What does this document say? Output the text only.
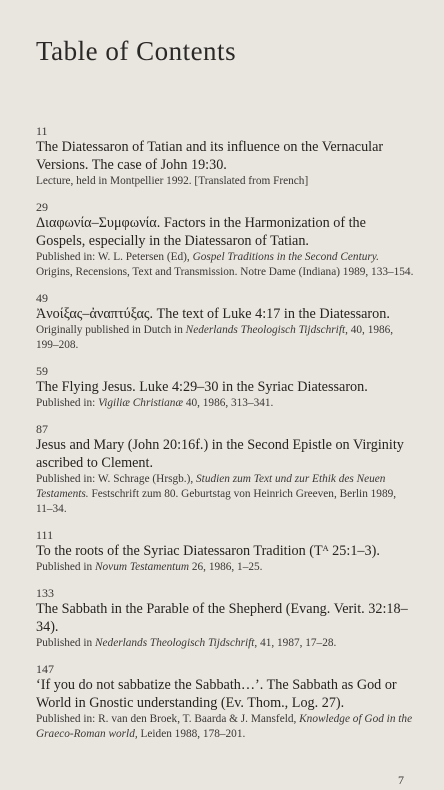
Table of Contents
11
The Diatessaron of Tatian and its influence on the Vernacular Versions. The case of John 19:30.
Lecture, held in Montpellier 1992. [Translated from French]
29
Διαφωνία–Συμφωνία. Factors in the Harmonization of the Gospels, especially in the Diatessaron of Tatian.
Published in: W. L. Petersen (Ed), Gospel Traditions in the Second Century. Origins, Recensions, Text and Transmission. Notre Dame (Indiana) 1989, 133–154.
49
Ἀνοίξας–ἀναπτύξας. The text of Luke 4:17 in the Diatessaron.
Originally published in Dutch in Nederlands Theologisch Tijdschrift, 40, 1986, 199–208.
59
The Flying Jesus. Luke 4:29–30 in the Syriac Diatessaron.
Published in: Vigiliæ Christianæ 40, 1986, 313–341.
87
Jesus and Mary (John 20:16f.) in the Second Epistle on Virginity ascribed to Clement.
Published in: W. Schrage (Hrsgb.), Studien zum Text und zur Ethik des Neuen Testaments. Festschrift zum 80. Geburtstag von Heinrich Greeven, Berlin 1989, 11–34.
111
To the roots of the Syriac Diatessaron Tradition (Tᴬ 25:1–3).
Published in Novum Testamentum 26, 1986, 1–25.
133
The Sabbath in the Parable of the Shepherd (Evang. Verit. 32:18–34).
Published in Nederlands Theologisch Tijdschrift, 41, 1987, 17–28.
147
‘If you do not sabbatize the Sabbath…’. The Sabbath as God or World in Gnostic understanding (Ev. Thom., Log. 27).
Published in: R. van den Broek, T. Baarda & J. Mansfeld, Knowledge of God in the Graeco-Roman world, Leiden 1988, 178–201.
7
